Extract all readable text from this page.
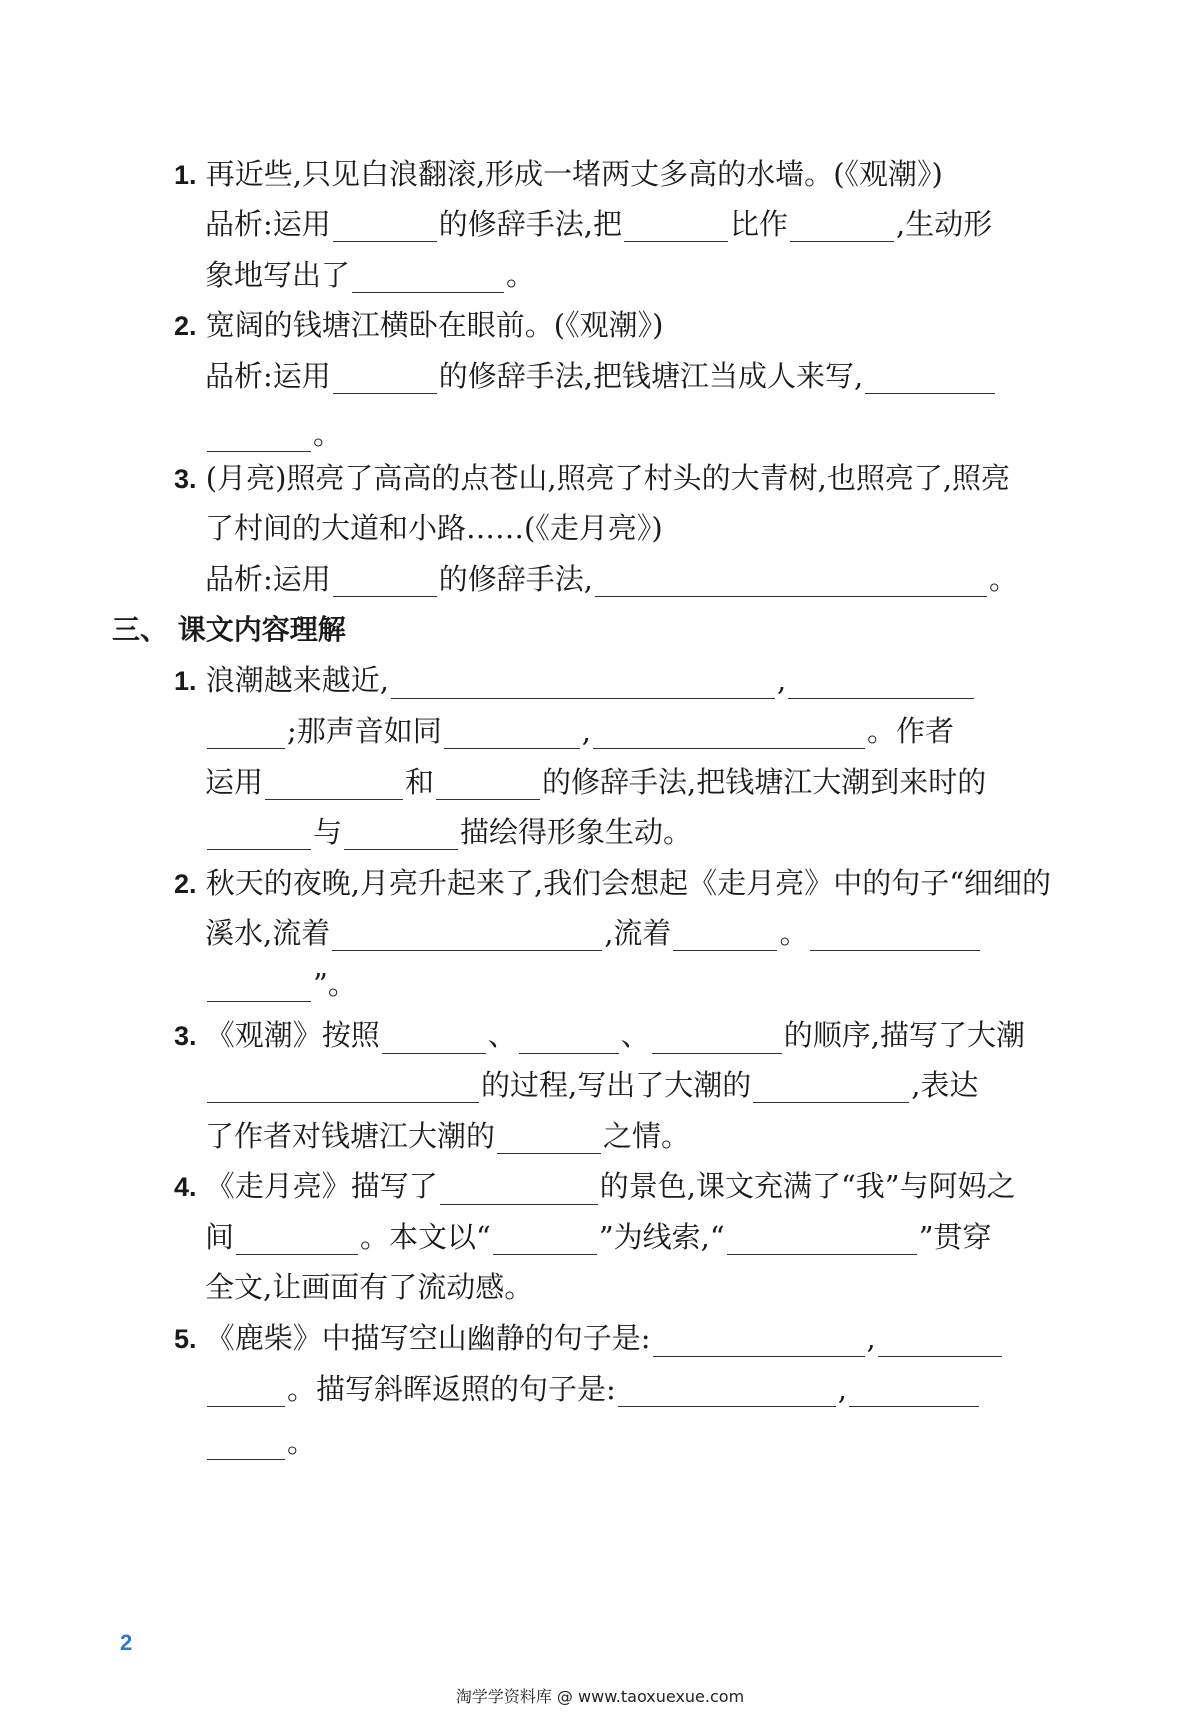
1. 再近些,只见白浪翻滚,形成一堵两丈多高的水墙。(《观潮》)
品析:运用	的修辞手法,把	比作	,生动形
象地写出了	。
2. 宽阔的钱塘江横卧在眼前。(《观潮》)
品析:运用	的修辞手法,把钱塘江当成人来写,
。
3. (月亮)照亮了高高的点苍山,照亮了村头的大青树,也照亮了,照亮
了村间的大道和小路……(《走月亮》)
品析:运用	的修辞手法,	。
三、 课文内容理解
1. 浪潮越来越近,	,
;那声音如同	,	。作者
运用	和	的修辞手法,把钱塘江大潮到来时的
与	描绘得形象生动。
2. 秋天的夜晚,月亮升起来了,我们会想起《走月亮》中的句子“细细的
溪水,流着	,流着	。
”。
3. 《观潮》按照	、	、	的顺序,描写了大潮
的过程,写出了大潮的	,表达
了作者对钱塘江大潮的	之情。
4. 《走月亮》描写了	的景色,课文充满了“我”与阿妈之
间	。本文以“	”为线索,“	”贯穿
全文,让画面有了流动感。
5. 《鹿柴》中描写空山幽静的句子是:	,
。描写斜晖返照的句子是:	,
。
2
淘学学资料库 @ www.taoxuexue.com
